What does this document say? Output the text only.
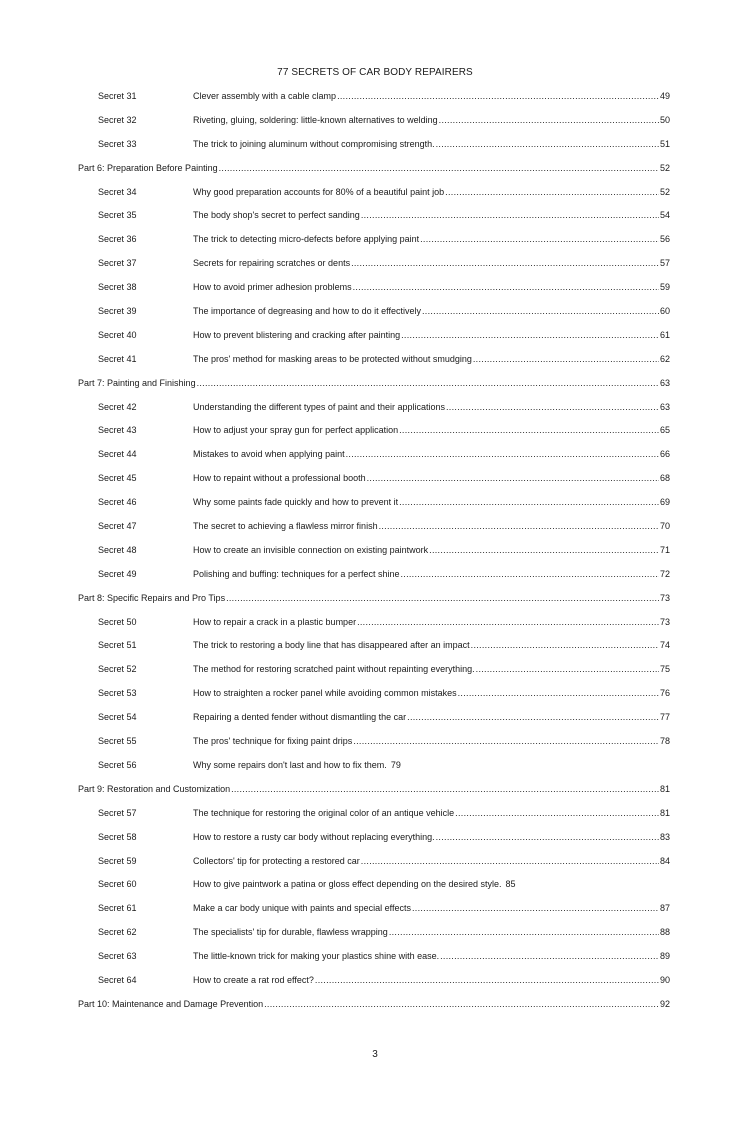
77 SECRETS OF CAR BODY REPAIRERS
Secret 31	Clever assembly with a cable clamp .....	49
Secret 32	Riveting, gluing, soldering: little-known alternatives to welding .....	50
Secret 33	The trick to joining aluminum without compromising strength. .....	51
Part 6: Preparation Before Painting .....	52
Secret 34	Why good preparation accounts for 80% of a beautiful paint job .....	52
Secret 35	The body shop's secret to perfect sanding .....	54
Secret 36	The trick to detecting micro-defects before applying paint .....	56
Secret 37	Secrets for repairing scratches or dents .....	57
Secret 38	How to avoid primer adhesion problems .....	59
Secret 39	The importance of degreasing and how to do it effectively .....	60
Secret 40	How to prevent blistering and cracking after painting .....	61
Secret 41	The pros' method for masking areas to be protected without smudging .....	62
Part 7: Painting and Finishing .....	63
Secret 42	Understanding the different types of paint and their applications .....	63
Secret 43	How to adjust your spray gun for perfect application .....	65
Secret 44	Mistakes to avoid when applying paint .....	66
Secret 45	How to repaint without a professional booth .....	68
Secret 46	Why some paints fade quickly and how to prevent it .....	69
Secret 47	The secret to achieving a flawless mirror finish .....	70
Secret 48	How to create an invisible connection on existing paintwork .....	71
Secret 49	Polishing and buffing: techniques for a perfect shine .....	72
Part 8: Specific Repairs and Pro Tips .....	73
Secret 50	How to repair a crack in a plastic bumper .....	73
Secret 51	The trick to restoring a body line that has disappeared after an impact .....	74
Secret 52	The method for restoring scratched paint without repainting everything. .....	75
Secret 53	How to straighten a rocker panel while avoiding common mistakes .....	76
Secret 54	Repairing a dented fender without dismantling the car .....	77
Secret 55	The pros' technique for fixing paint drips .....	78
Secret 56	Why some repairs don't last and how to fix them. 79
Part 9: Restoration and Customization .....	81
Secret 57	The technique for restoring the original color of an antique vehicle .....	81
Secret 58	How to restore a rusty car body without replacing everything. .....	83
Secret 59	Collectors' tip for protecting a restored car .....	84
Secret 60	How to give paintwork a patina or gloss effect depending on the desired style. 85
Secret 61	Make a car body unique with paints and special effects .....	87
Secret 62	The specialists' tip for durable, flawless wrapping .....	88
Secret 63	The little-known trick for making your plastics shine with ease. .....	89
Secret 64	How to create a rat rod effect? .....	90
Part 10: Maintenance and Damage Prevention .....	92
3
